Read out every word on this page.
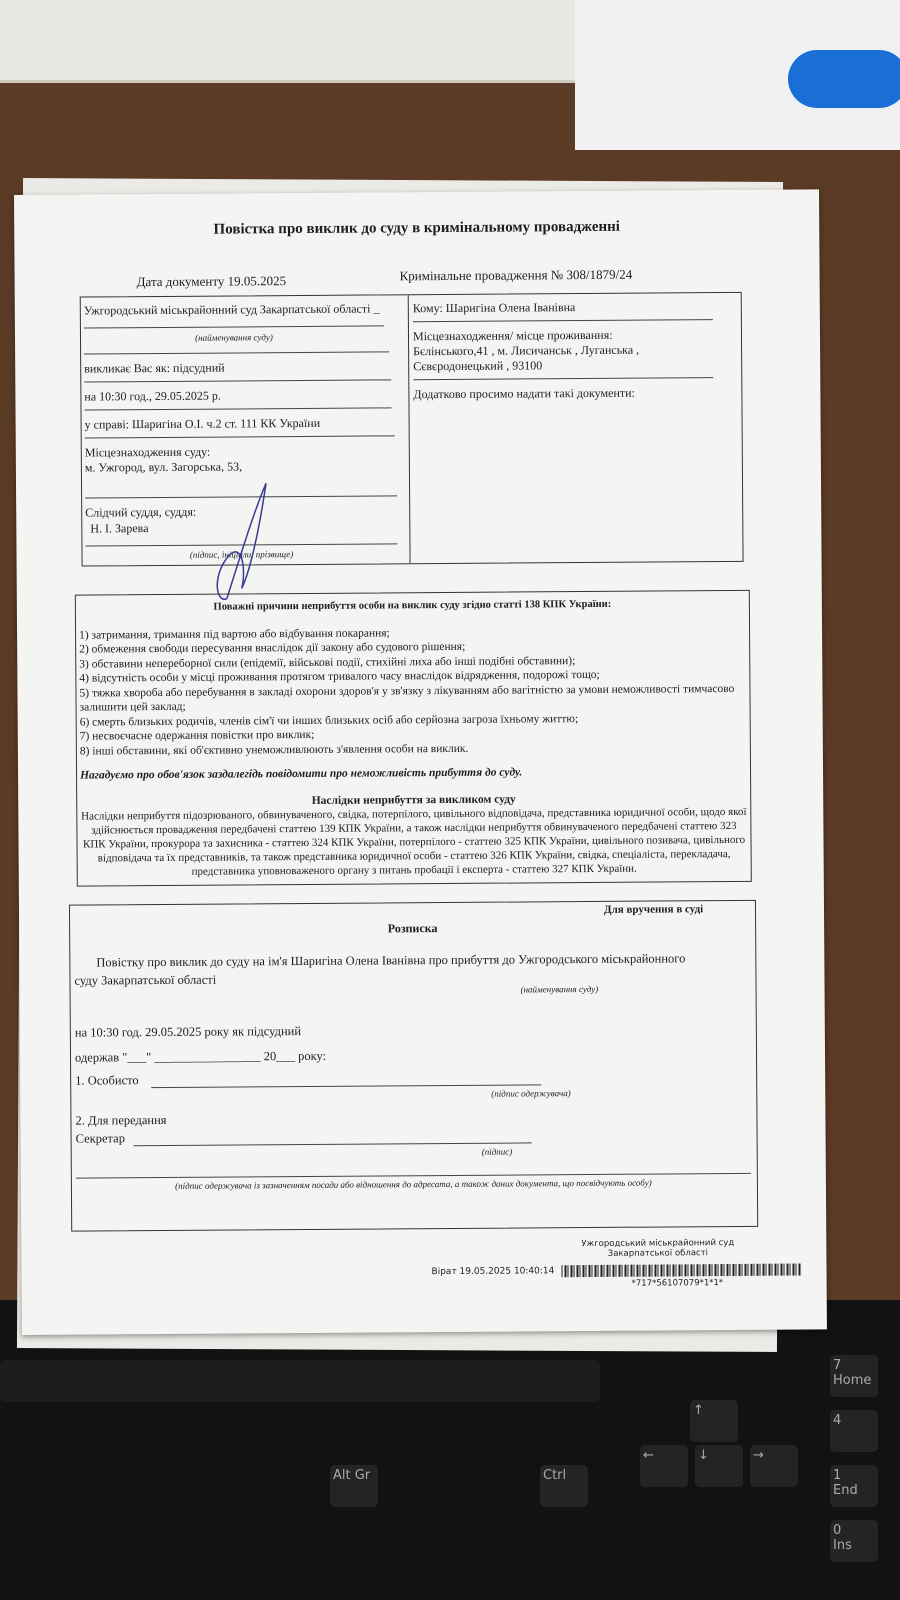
7
Home
4
1
End
0
Ins
Ctrl
Alt Gr
↑
←	↓	→
Повістка про виклик до суду в кримінальному провадженні
Дата документу 19.05.2025	Кримінальне провадження № 308/1879/24
Ужгородський міськрайонний суд Закарпатської області _
(найменування суду)
викликає Вас як: підсудний
на 10:30 год., 29.05.2025 р.
у справі: Шаригіна О.І. ч.2 ст. 111 КК України
Місцезнаходження суду:
м. Ужгород, вул. Загорська, 53,
Слідчий суддя, суддя:
Н. І. Зарева
(підпис, ініціали, прізвище)
Кому: Шаригіна Олена Іванівна
Місцезнаходження/ місце проживання:
Бєлінського,41 , м. Лисичанськ , Луганська ,
Сєвєродонецький , 93100
Додатково просимо надати такі документи:
Поважні причини неприбуття особи на виклик суду згідно статті 138 КПК України:
1) затримання, тримання під вартою або відбування покарання;
2) обмеження свободи пересування внаслідок дії закону або судового рішення;
3) обставини непереборної сили (епідемії, військові події, стихійні лиха або інші подібні обставини);
4) відсутність особи у місці проживання протягом тривалого часу внаслідок відрядження, подорожі тощо;
5) тяжка хвороба або перебування в закладі охорони здоров'я у зв'язку з лікуванням або вагітністю за умови неможливості тимчасово залишити цей заклад;
6) смерть близьких родичів, членів сім'ї чи інших близьких осіб або серйозна загроза їхньому життю;
7) несвоєчасне одержання повістки про виклик;
8) інші обставини, які об'єктивно унеможливлюють з'явлення особи на виклик.
Нагадуємо про обов'язок заздалегідь повідомити про неможливість прибуття до суду.
Наслідки неприбуття за викликом суду
Наслідки неприбуття підозрюваного, обвинуваченого, свідка, потерпілого, цивільного відповідача, представника юридичної особи, щодо якої здійснюється провадження передбачені статтею 139 КПК України, а також наслідки неприбуття обвинуваченого передбачені статтею 323 КПК України, прокурора та захисника - статтею 324 КПК України, потерпілого - статтею 325 КПК України, цивільного позивача, цивільного відповідача та їх представників, та також представника юридичної особи - статтею 326 КПК України, свідка, спеціаліста, перекладача, представника уповноваженого органу з питань пробації і експерта - статтею 327 КПК України.
Для вручення в суді
Розписка
Повістку про виклик до суду на ім'я Шаригіна Олена Іванівна про прибуття до Ужгородського міськрайонного
суду Закарпатської області
(найменування суду)
на 10:30 год. 29.05.2025 року як підсудний
одержав "___" _________________ 20___ року:
1. Особисто
(підпис одержувача)
2. Для передання
Секретар
(підпис)
(підпис одержувача із зазначенням посади або відношення до адресата, а також даних документа, що посвідчують особу)
Ужгородський міськрайонний суд
Закарпатської області
Вірат 19.05.2025 10:40:14
*717*56107079*1*1*
